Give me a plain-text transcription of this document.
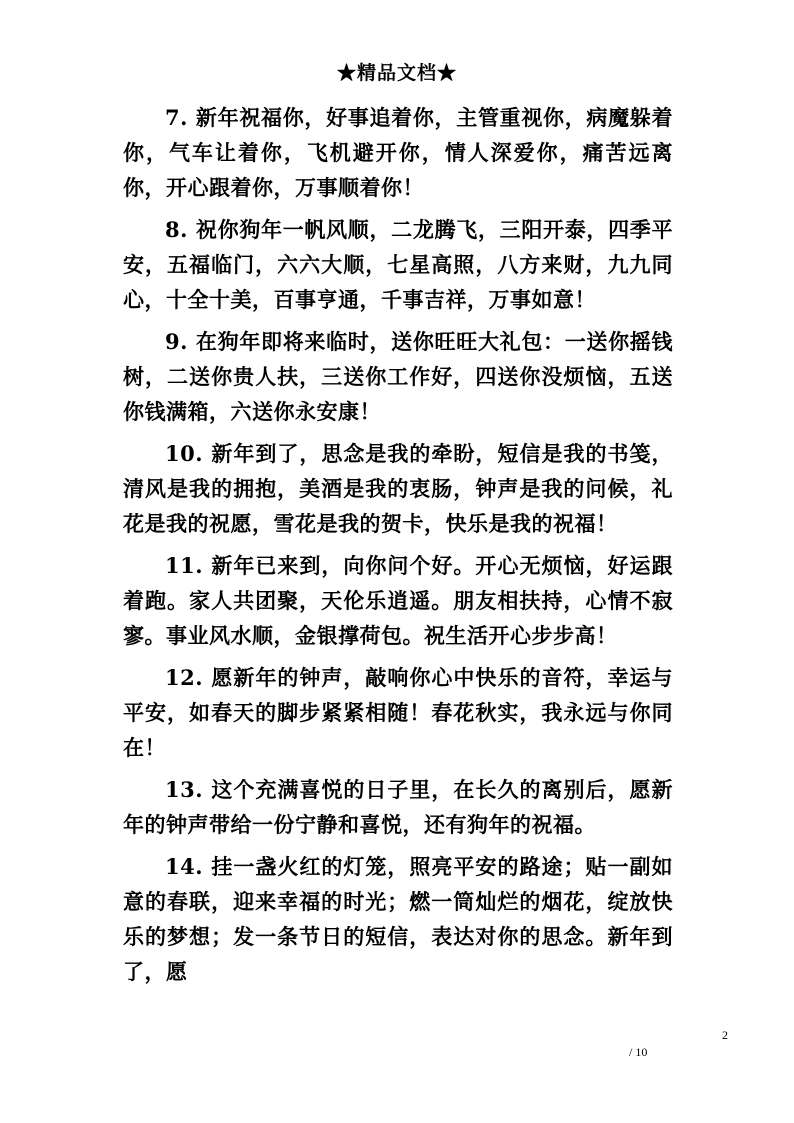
★精品文档★

7. 新年祝福你，好事追着你，主管重视你，病魔躲着你，气车让着你，飞机避开你，情人深爱你，痛苦远离你，开心跟着你，万事顺着你！

8. 祝你狗年一帆风顺，二龙腾飞，三阳开泰，四季平安，五福临门，六六大顺，七星高照，八方来财，九九同心，十全十美，百事亨通，千事吉祥，万事如意！

9. 在狗年即将来临时，送你旺旺大礼包：一送你摇钱树，二送你贵人扶，三送你工作好，四送你没烦恼，五送你钱满箱，六送你永安康！

10. 新年到了，思念是我的牵盼，短信是我的书笺，清风是我的拥抱，美酒是我的衷肠，钟声是我的问候，礼花是我的祝愿，雪花是我的贺卡，快乐是我的祝福！

11. 新年已来到，向你问个好。开心无烦恼，好运跟着跑。家人共团聚，天伦乐逍遥。朋友相扶持，心情不寂寥。事业风水顺，金银撑荷包。祝生活开心步步高！

12. 愿新年的钟声，敲响你心中快乐的音符，幸运与平安，如春天的脚步紧紧相随！春花秋实，我永远与你同在！

13. 这个充满喜悦的日子里，在长久的离别后，愿新年的钟声带给一份宁静和喜悦，还有狗年的祝福。

14. 挂一盏火红的灯笼，照亮平安的路途；贴一副如意的春联，迎来幸福的时光；燃一筒灿烂的烟花，绽放快乐的梦想；发一条节日的短信，表达对你的思念。新年到了，愿

2
/ 10
